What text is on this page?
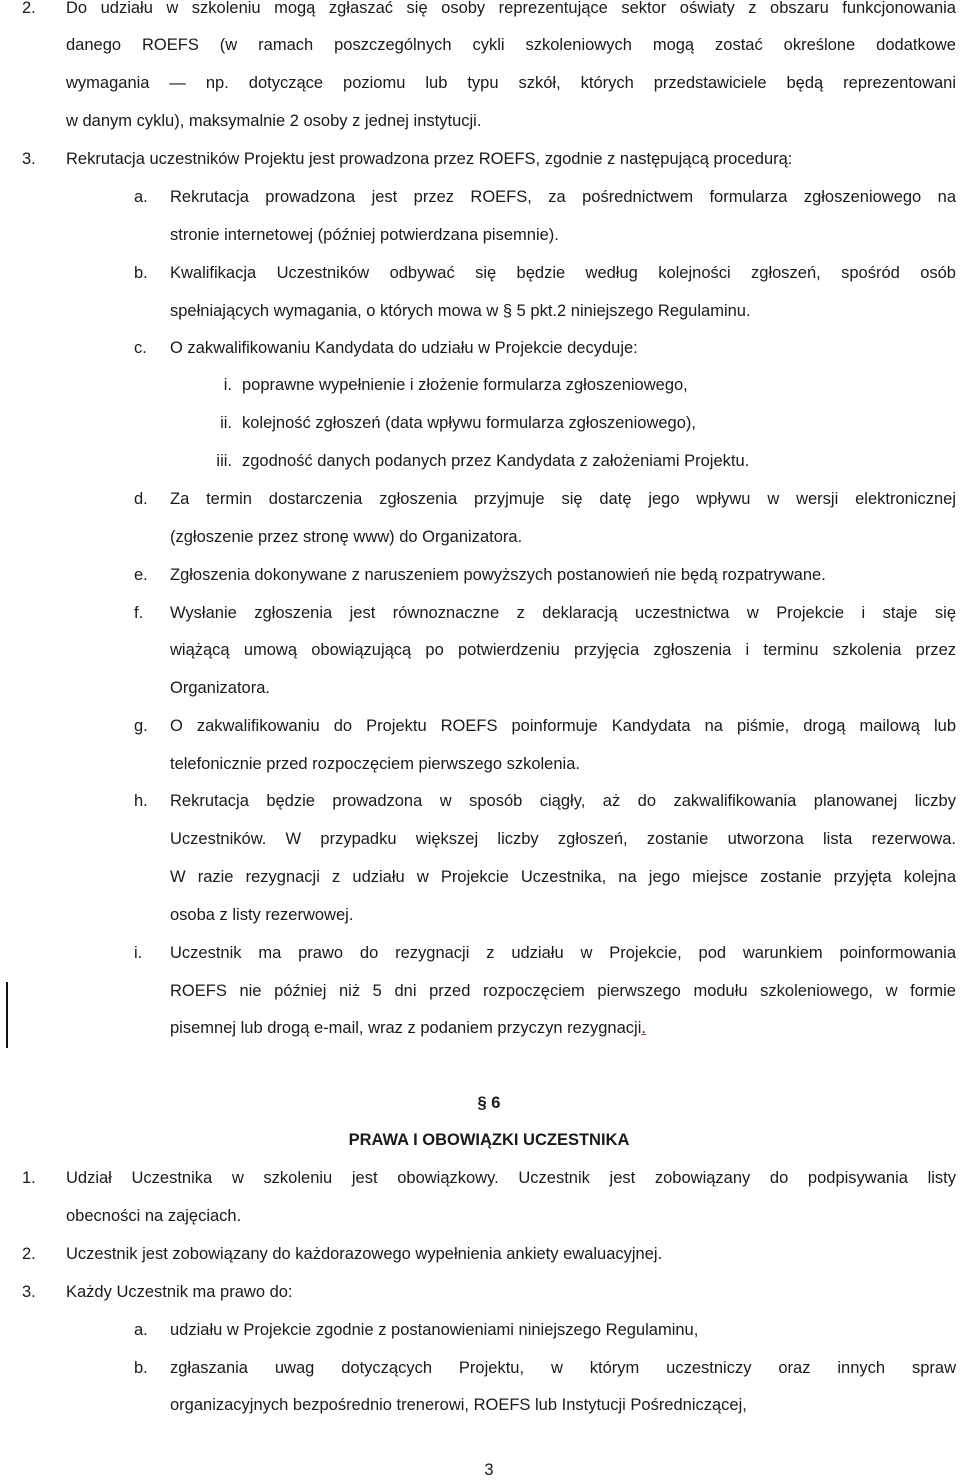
2. Do udziału w szkoleniu mogą zgłaszać się osoby reprezentujące sektor oświaty z obszaru funkcjonowania
danego ROEFS (w ramach poszczególnych cykli szkoleniowych mogą zostać określone dodatkowe
wymagania — np. dotyczące poziomu lub typu szkół, których przedstawiciele będą reprezentowani
w danym cyklu), maksymalnie 2 osoby z jednej instytucji.
3. Rekrutacja uczestników Projektu jest prowadzona przez ROEFS, zgodnie z następującą procedurą:
a. Rekrutacja prowadzona jest przez ROEFS, za pośrednictwem formularza zgłoszeniowego na
stronie internetowej (później potwierdzana pisemnie).
b. Kwalifikacja Uczestników odbywać się będzie według kolejności zgłoszeń, spośród osób
spełniających wymagania, o których mowa w § 5 pkt.2 niniejszego Regulaminu.
c. O zakwalifikowaniu Kandydata do udziału w Projekcie decyduje:
i. poprawne wypełnienie i złożenie formularza zgłoszeniowego,
ii. kolejność zgłoszeń (data wpływu formularza zgłoszeniowego),
iii. zgodność danych podanych przez Kandydata z założeniami Projektu.
d. Za termin dostarczenia zgłoszenia przyjmuje się datę jego wpływu w wersji elektronicznej
(zgłoszenie przez stronę www) do Organizatora.
e. Zgłoszenia dokonywane z naruszeniem powyższych postanowień nie będą rozpatrywane.
f. Wysłanie zgłoszenia jest równoznaczne z deklaracją uczestnictwa w Projekcie i staje się
wiążącą umową obowiązującą po potwierdzeniu przyjęcia zgłoszenia i terminu szkolenia przez
Organizatora.
g. O zakwalifikowaniu do Projektu ROEFS poinformuje Kandydata na piśmie, drogą mailową lub
telefonicznie przed rozpoczęciem pierwszego szkolenia.
h. Rekrutacja będzie prowadzona w sposób ciągły, aż do zakwalifikowania planowanej liczby
Uczestników. W przypadku większej liczby zgłoszeń, zostanie utworzona lista rezerwowa.
W razie rezygnacji z udziału w Projekcie Uczestnika, na jego miejsce zostanie przyjęta kolejna
osoba z listy rezerwowej.
i. Uczestnik ma prawo do rezygnacji z udziału w Projekcie, pod warunkiem poinformowania
ROEFS nie później niż 5 dni przed rozpoczęciem pierwszego modułu szkoleniowego, w formie
pisemnej lub drogą e-mail, wraz z podaniem przyczyn rezygnacji.
§ 6
PRAWA I OBOWIĄZKI UCZESTNIKA
1. Udział Uczestnika w szkoleniu jest obowiązkowy. Uczestnik jest zobowiązany do podpisywania listy
obecności na zajęciach.
2. Uczestnik jest zobowiązany do każdorazowego wypełnienia ankiety ewaluacyjnej.
3. Każdy Uczestnik ma prawo do:
a. udziału w Projekcie zgodnie z postanowieniami niniejszego Regulaminu,
b. zgłaszania uwag dotyczących Projektu, w którym uczestniczy oraz innych spraw
organizacyjnych bezpośrednio trenerowi, ROEFS lub Instytucji Pośredniczącej,
3
